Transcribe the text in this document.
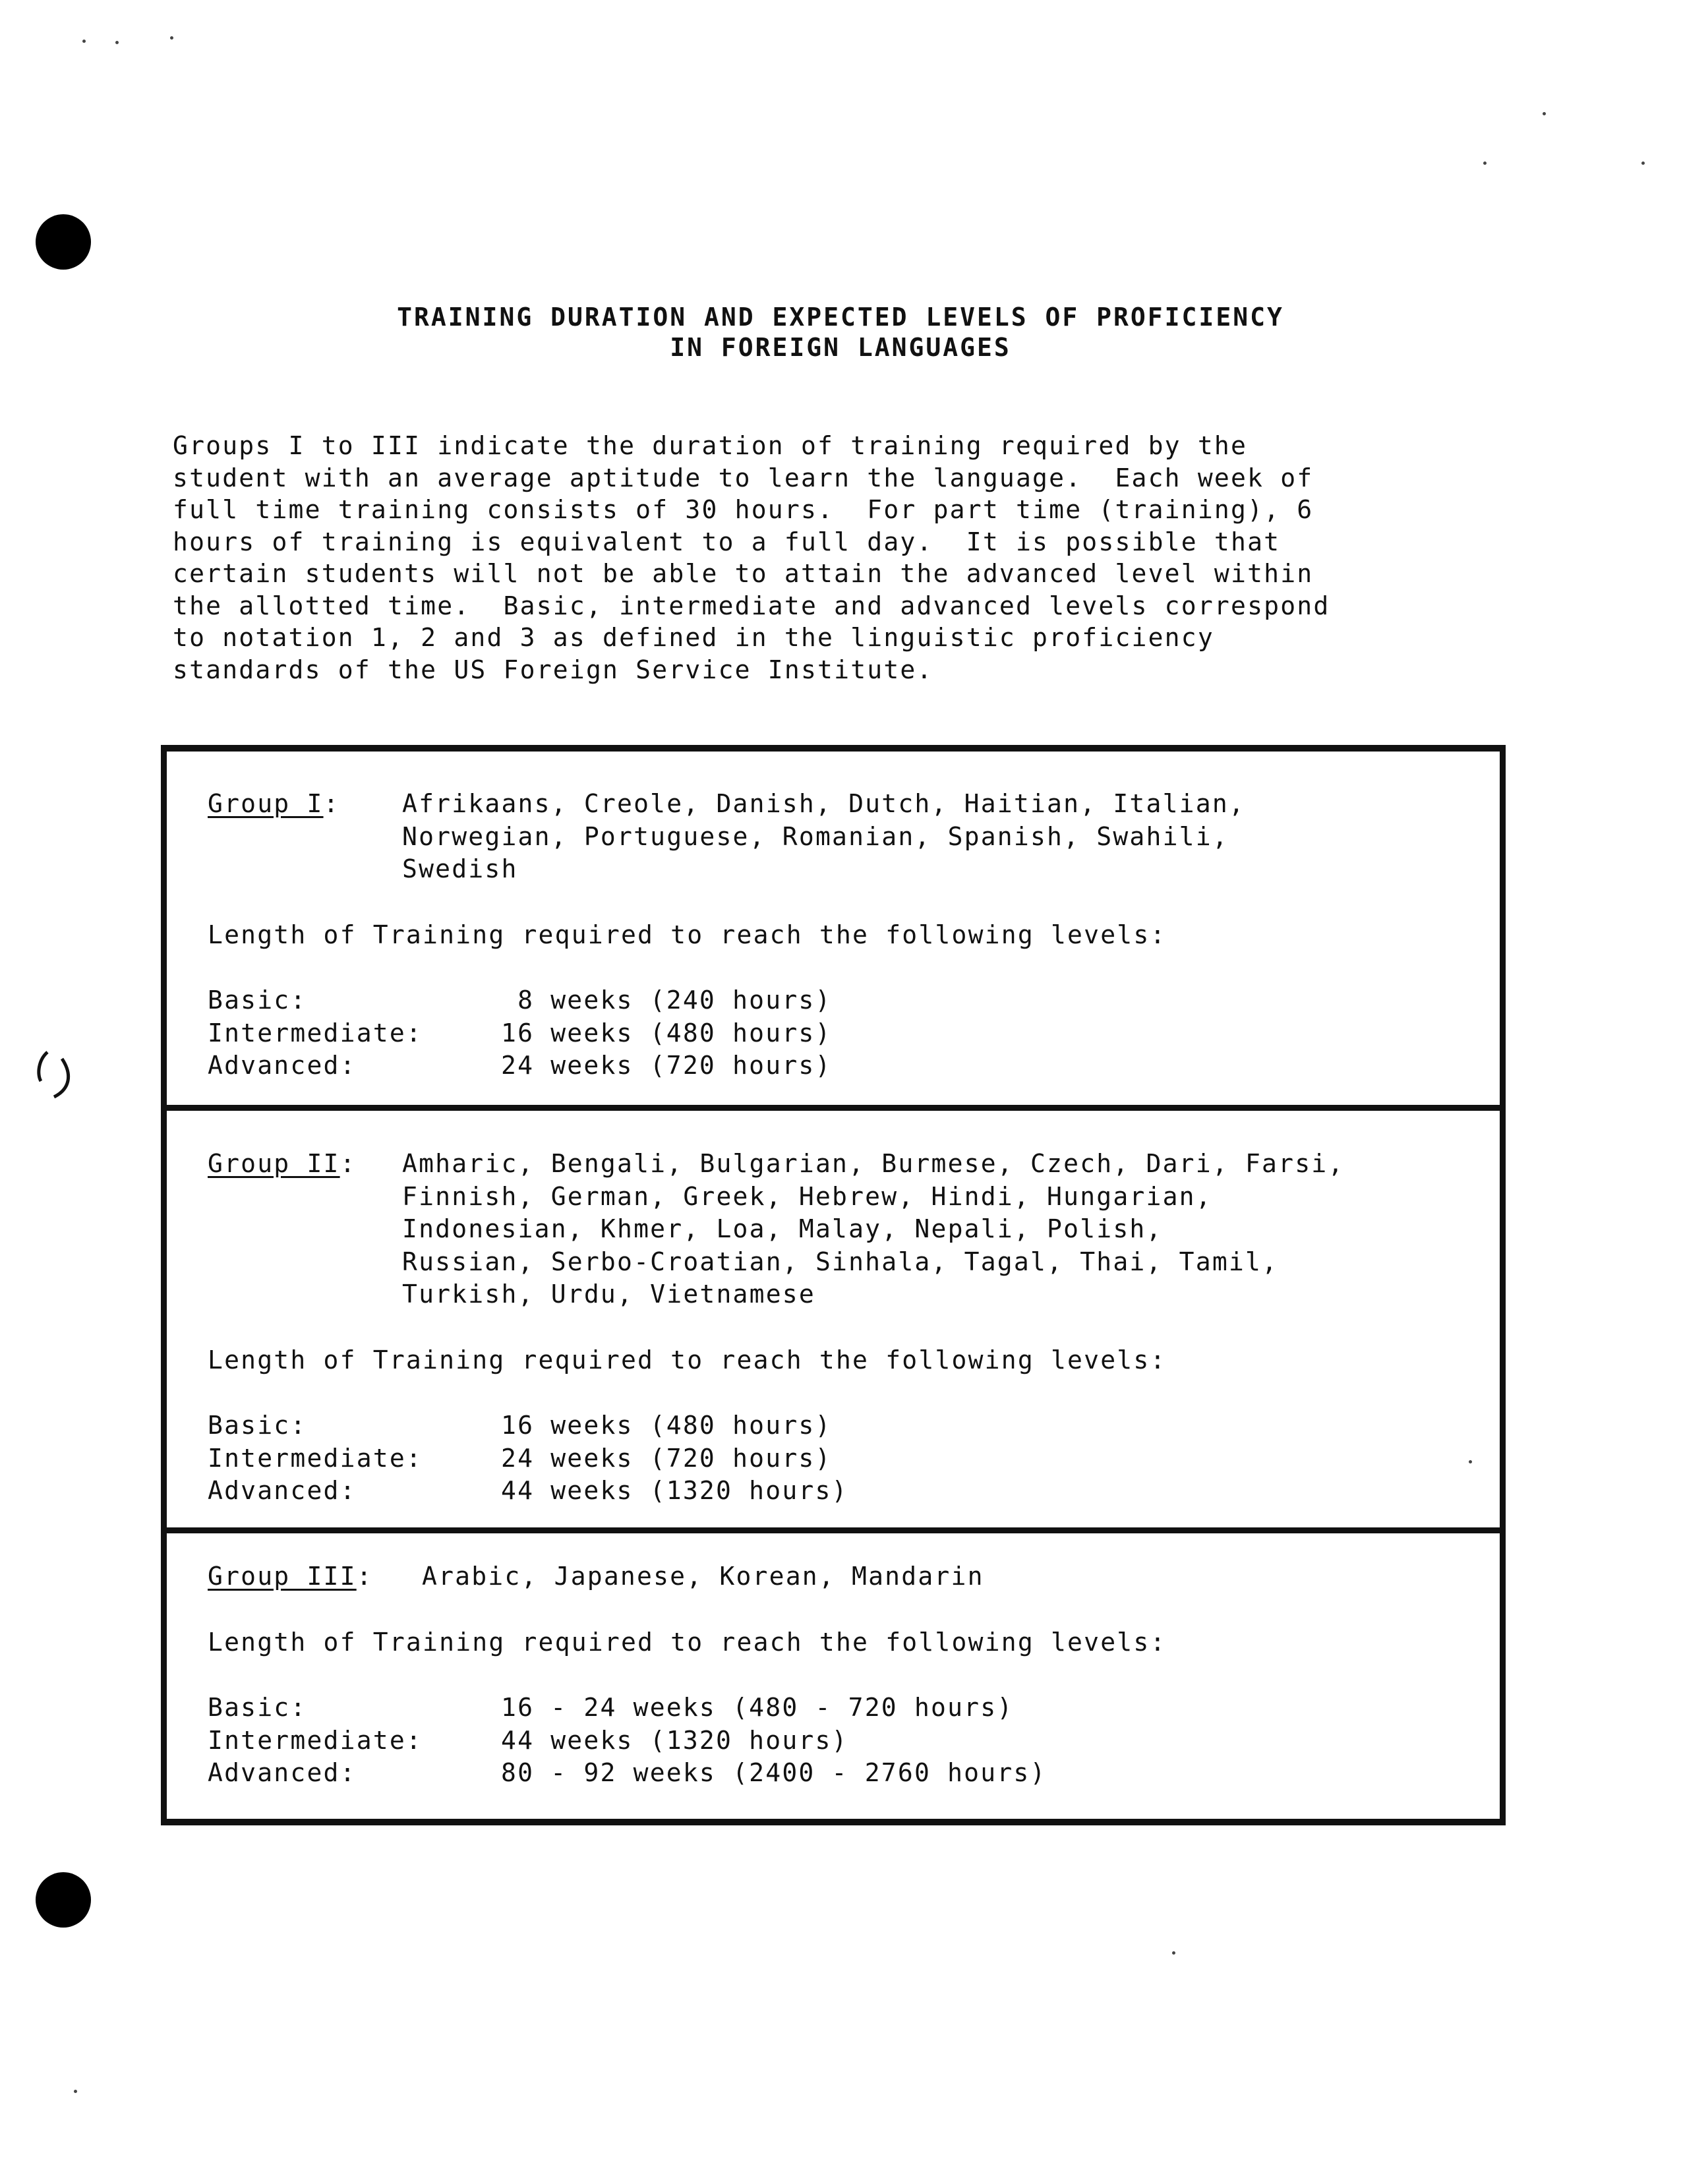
TRAINING DURATION AND EXPECTED LEVELS OF PROFICIENCY
IN FOREIGN LANGUAGES
Groups I to III indicate the duration of training required by the
student with an average aptitude to learn the language.  Each week of
full time training consists of 30 hours.  For part time (training), 6
hours of training is equivalent to a full day.  It is possible that
certain students will not be able to attain the advanced level within
the allotted time.  Basic, intermediate and advanced levels correspond
to notation 1, 2 and 3 as defined in the linguistic proficiency
standards of the US Foreign Service Institute.
Group I:	Afrikaans, Creole, Danish, Dutch, Haitian, Italian,
Norwegian, Portuguese, Romanian, Spanish, Swahili,
Swedish
Length of Training required to reach the following levels:
Basic:	8 weeks (240 hours)
Intermediate:	16 weeks (480 hours)
Advanced:	24 weeks (720 hours)
Group II:	Amharic, Bengali, Bulgarian, Burmese, Czech, Dari, Farsi,
Finnish, German, Greek, Hebrew, Hindi, Hungarian,
Indonesian, Khmer, Loa, Malay, Nepali, Polish,
Russian, Serbo-Croatian, Sinhala, Tagal, Thai, Tamil,
Turkish, Urdu, Vietnamese
Length of Training required to reach the following levels:
Basic:	16 weeks (480 hours)
Intermediate:	24 weeks (720 hours)
Advanced:	44 weeks (1320 hours)
Group III:	Arabic, Japanese, Korean, Mandarin
Length of Training required to reach the following levels:
Basic:	16 - 24 weeks (480 - 720 hours)
Intermediate:	44 weeks (1320 hours)
Advanced:	80 - 92 weeks (2400 - 2760 hours)
